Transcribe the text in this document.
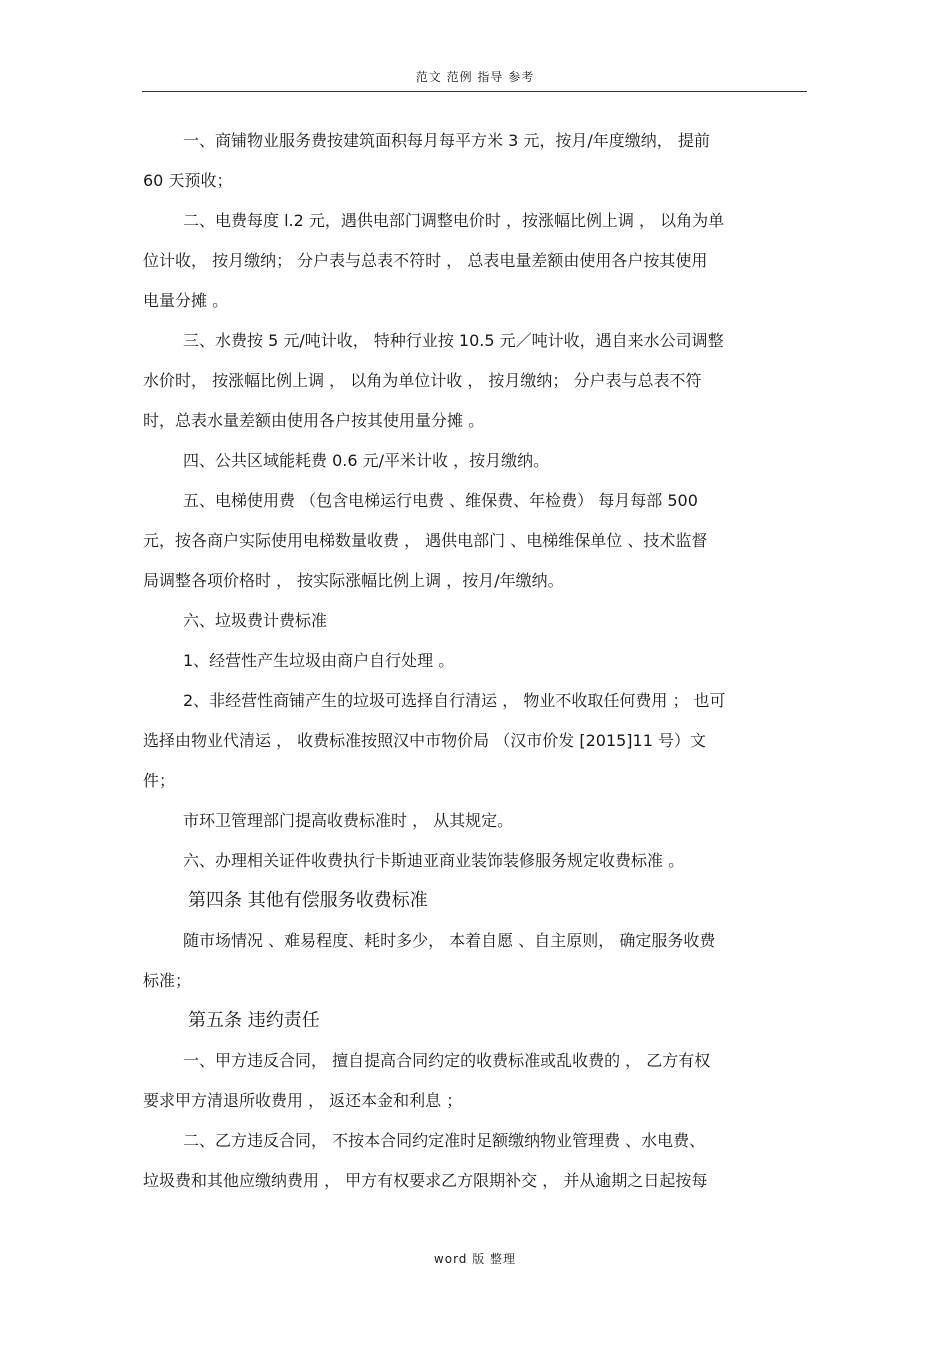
范文 范例 指导 参考
一、商铺物业服务费按建筑面积每月每平方米 3 元，按月/年度缴纳， 提前
60 天预收；
二、电费每度 l.2 元，遇供电部门调整电价时 ，按涨幅比例上调 ， 以角为单
位计收， 按月缴纳； 分户表与总表不符时 ， 总表电量差额由使用各户按其使用
电量分摊 。
三、水费按 5 元/吨计收， 特种行业按 10.5 元／吨计收，遇自来水公司调整
水价时， 按涨幅比例上调 ， 以角为单位计收 ， 按月缴纳； 分户表与总表不符
时，总表水量差额由使用各户按其使用量分摊 。
四、公共区域能耗费 0.6 元/平米计收 ，按月缴纳。
五、电梯使用费 （包含电梯运行电费 、维保费、年检费） 每月每部 500
元，按各商户实际使用电梯数量收费 ， 遇供电部门 、电梯维保单位 、技术监督
局调整各项价格时 ， 按实际涨幅比例上调 ，按月/年缴纳。
六、垃圾费计费标准
1、经营性产生垃圾由商户自行处理 。
2、非经营性商铺产生的垃圾可选择自行清运 ， 物业不收取任何费用 ； 也可
选择由物业代清运 ， 收费标准按照汉中市物价局 （汉市价发 [2015]11 号）文
件；
市环卫管理部门提高收费标准时 ， 从其规定。
六、办理相关证件收费执行卡斯迪亚商业装饰装修服务规定收费标准 。
第四条 其他有偿服务收费标准
随市场情况 、难易程度、耗时多少， 本着自愿 、自主原则， 确定服务收费
标准；
第五条 违约责任
一、甲方违反合同， 擅自提高合同约定的收费标准或乱收费的 ， 乙方有权
要求甲方清退所收费用 ， 返还本金和利息 ；
二、乙方违反合同， 不按本合同约定准时足额缴纳物业管理费 、水电费、
垃圾费和其他应缴纳费用 ， 甲方有权要求乙方限期补交 ， 并从逾期之日起按每
word 版 整理
